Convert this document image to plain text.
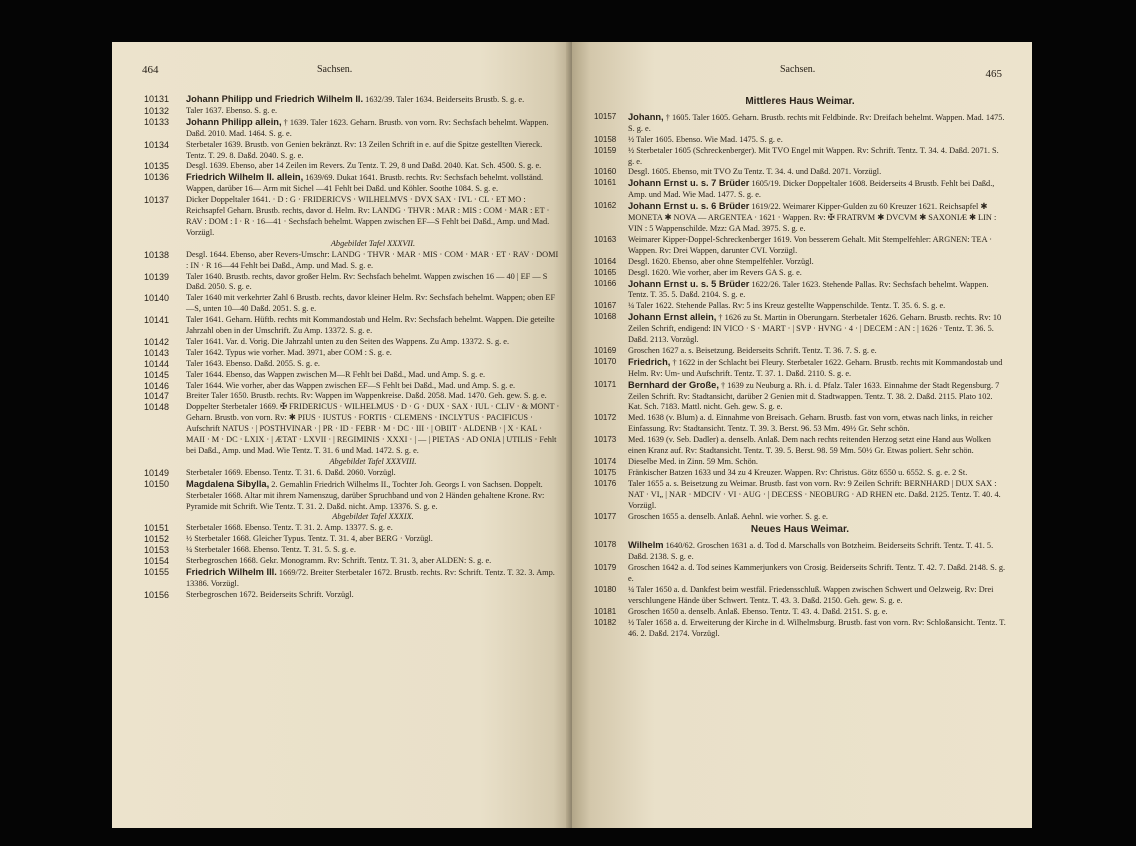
464	Sachsen.
10131	Johann Philipp und Friedrich Wilhelm II. 1632/39. Taler 1634. Beiderseits Brustb. S. g. e.
10132	Taler 1637. Ebenso. S. g. e.
10133	Johann Philipp allein, † 1639. Taler 1623. Geharn. Brustb. von vorn. Rv: Sechsfach behelmt. Wappen. Daßd. 2010. Mad. 1464. S. g. e.
10134	Sterbetaler 1639. Brustb. von Genien bekränzt. Rv: 13 Zeilen Schrift in e. auf die Spitze gestellten Viereck. Tentz. T. 29. 8. Daßd. 2040. S. g. e.
10135	Desgl. 1639. Ebenso, aber 14 Zeilen im Revers. Zu Tentz. T. 29, 8 und Daßd. 2040. Kat. Sch. 4500. S. g. e.
10136	Friedrich Wilhelm II. allein, 1639/69. Dukat 1641. Brustb. rechts. Rv: Sechsfach behelmt. vollständ. Wappen, darüber 16— Arm mit Sichel —41 Fehlt bei Daßd. und Köhler. Soothe 1084. S. g. e.
10137	Dicker Doppeltaler 1641. · D : G · FRIDERICVS · WILHELMVS · DVX SAX · IVL · CL · ET MO : Reichsapfel Geharn. Brustb. rechts, davor d. Helm. Rv: LANDG · THVR : MAR : MIS : COM · MAR : ET · RAV : DOM : I · R · 16—41 · Sechsfach behelmt. Wappen zwischen EF—S Fehlt bei Daßd., Amp. und Mad. Vorzügl.
Abgebildet Tafel XXXVII.
10138	Desgl. 1644. Ebenso, aber Revers-Umschr: LANDG · THVR · MAR · MIS · COM · MAR · ET · RAV · DOMI : IN · R 16—44 Fehlt bei Daßd., Amp. und Mad. S. g. e.
10139	Taler 1640. Brustb. rechts, davor großer Helm. Rv: Sechsfach behelmt. Wappen zwischen 16 — 40 | EF — S Daßd. 2050. S. g. e.
10140	Taler 1640 mit verkehrter Zahl 6 Brustb. rechts, davor kleiner Helm. Rv: Sechsfach behelmt. Wappen; oben EF—S, unten 10—40 Daßd. 2051. S. g. e.
10141	Taler 1641. Geharn. Hüftb. rechts mit Kommandostab und Helm. Rv: Sechsfach behelmt. Wappen. Die geteilte Jahrzahl oben in der Umschrift. Zu Amp. 13372. S. g. e.
10142	Taler 1641. Var. d. Vorig. Die Jahrzahl unten zu den Seiten des Wappens. Zu Amp. 13372. S. g. e.
10143	Taler 1642. Typus wie vorher. Mad. 3971, aber COM : S. g. e.
10144	Taler 1643. Ebenso. Daßd. 2055. S. g. e.
10145	Taler 1644. Ebenso, das Wappen zwischen M—R Fehlt bei Daßd., Mad. und Amp. S. g. e.
10146	Taler 1644. Wie vorher, aber das Wappen zwischen EF—S Fehlt bei Daßd., Mad. und Amp. S. g. e.
10147	Breiter Taler 1650. Brustb. rechts. Rv: Wappen im Wappenkreise. Daßd. 2058. Mad. 1470. Geh. gew. S. g. e.
10148	Doppelter Sterbetaler 1669. ✠ FRIDERICUS · WILHELMUS · D · G · DUX · SAX · IUL · CLIV · & MONT · Geharn. Brustb. von vorn. Rv: ✱ PIUS · IUSTUS · FORTIS · CLEMENS · INCLYTUS · PACIFICUS · Aufschrift NATUS · | POSTHVINAR · | PR · ID · FEBR · M · DC · III · | OBIIT · ALDENB · | X · KAL · MAII · M · DC · LXIX · | ÆTAT · LXVII · | REGIMINIS · XXXI · | — | PIETAS · AD ONIA | UTILIS · Fehlt bei Daßd., Amp. und Mad. Wie Tentz. T. 31. 6 und Mad. 1472. S. g. e.
Abgebildet Tafel XXXVIII.
10149	Sterbetaler 1669. Ebenso. Tentz. T. 31. 6. Daßd. 2060. Vorzügl.
10150	Magdalena Sibylla, 2. Gemahlin Friedrich Wilhelms II., Tochter Joh. Georgs I. von Sachsen. Doppelt. Sterbetaler 1668. Altar mit ihrem Namenszug, darüber Spruchband und von 2 Händen gehaltene Krone. Rv: Pyramide mit Schrift. Wie Tentz. T. 31. 2. Daßd. nicht. Amp. 13376. S. g. e.
Abgebildet Tafel XXXIX.
10151	Sterbetaler 1668. Ebenso. Tentz. T. 31. 2. Amp. 13377. S. g. e.
10152	½ Sterbetaler 1668. Gleicher Typus. Tentz. T. 31. 4, aber BERG · Vorzügl.
10153	¼ Sterbetaler 1668. Ebenso. Tentz. T. 31. 5. S. g. e.
10154	Sterbegroschen 1668. Gekr. Monogramm. Rv: Schrift. Tentz. T. 31. 3, aber ALDEN: S. g. e.
10155	Friedrich Wilhelm III. 1669/72. Breiter Sterbetaler 1672. Brustb. rechts. Rv: Schrift. Tentz. T. 32. 3. Amp. 13386. Vorzügl.
10156	Sterbegroschen 1672. Beiderseits Schrift. Vorzügl.
Sachsen.	465
Mittleres Haus Weimar.
10157	Johann, † 1605. Taler 1605. Geharn. Brustb. rechts mit Feldbinde. Rv: Dreifach behelmt. Wappen. Mad. 1475. S. g. e.
10158	½ Taler 1605. Ebenso. Wie Mad. 1475. S. g. e.
10159	½ Sterbetaler 1605 (Schreckenberger). Mit TVO Engel mit Wappen. Rv: Schrift. Tentz. T. 34. 4. Daßd. 2071. S. g. e.
10160	Desgl. 1605. Ebenso, mit TVO Zu Tentz. T. 34. 4. und Daßd. 2071. Vorzügl.
10161	Johann Ernst u. s. 7 Brüder 1605/19. Dicker Doppeltaler 1608. Beiderseits 4 Brustb. Fehlt bei Daßd., Amp. und Mad. Wie Mad. 1477. S. g. e.
10162	Johann Ernst u. s. 6 Brüder 1619/22. Weimarer Kipper-Gulden zu 60 Kreuzer 1621. Reichsapfel ✱ MONETA ✱ NOVA — ARGENTEA · 1621 · Wappen. Rv: ✠ FRATRVM ✱ DVCVM ✱ SAXONIÆ ✱ LIN : VIN : 5 Wappenschilde. Mzz: GA Mad. 3975. S. g. e.
10163	Weimarer Kipper-Doppel-Schreckenberger 1619. Von besserem Gehalt. Mit Stempelfehler: ARGNEN: TEA · Wappen. Rv: Drei Wappen, darunter CVI. Vorzügl.
10164	Desgl. 1620. Ebenso, aber ohne Stempelfehler. Vorzügl.
10165	Desgl. 1620. Wie vorher, aber im Revers GA S. g. e.
10166	Johann Ernst u. s. 5 Brüder 1622/26. Taler 1623. Stehende Pallas. Rv: Sechsfach behelmt. Wappen. Tentz. T. 35. 5. Daßd. 2104. S. g. e.
10167	¼ Taler 1622. Stehende Pallas. Rv: 5 ins Kreuz gestellte Wappenschilde. Tentz. T. 35. 6. S. g. e.
10168	Johann Ernst allein, † 1626 zu St. Martin in Oberungarn. Sterbetaler 1626. Geharn. Brustb. rechts. Rv: 10 Zeilen Schrift, endigend: IN VICO · S · MART · | SVP · HVNG · 4 · | DECEM : AN : | 1626 · Tentz. T. 36. 5. Daßd. 2113. Vorzügl.
10169	Groschen 1627 a. s. Beisetzung. Beiderseits Schrift. Tentz. T. 36. 7. S. g. e.
10170	Friedrich, † 1622 in der Schlacht bei Fleury. Sterbetaler 1622. Geharn. Brustb. rechts mit Kommandostab und Helm. Rv: Um- und Aufschrift. Tentz. T. 37. 1. Daßd. 2110. S. g. e.
10171	Bernhard der Große, † 1639 zu Neuburg a. Rh. i. d. Pfalz. Taler 1633. Einnahme der Stadt Regensburg. 7 Zeilen Schrift. Rv: Stadtansicht, darüber 2 Genien mit d. Stadtwappen. Tentz. T. 38. 2. Daßd. 2115. Plato 102. Kat. Sch. 7183. Mattl. nicht. Geh. gew. S. g. e.
10172	Med. 1638 (v. Blum) a. d. Einnahme von Breisach. Geharn. Brustb. fast von vorn, etwas nach links, in reicher Einfassung. Rv: Stadtansicht. Tentz. T. 39. 3. Berst. 96. 53 Mm. 49½ Gr. Sehr schön.
10173	Med. 1639 (v. Seb. Dadler) a. denselb. Anlaß. Dem nach rechts reitenden Herzog setzt eine Hand aus Wolken einen Kranz auf. Rv: Stadtansicht. Tentz. T. 39. 5. Berst. 98. 59 Mm. 50½ Gr. Etwas poliert. Sehr schön.
10174	Dieselbe Med. in Zinn. 59 Mm. Schön.
10175	Fränkischer Batzen 1633 und 34 zu 4 Kreuzer. Wappen. Rv: Christus. Götz 6550 u. 6552. S. g. e. 2 St.
10176	Taler 1655 a. s. Beisetzung zu Weimar. Brustb. fast von vorn. Rv: 9 Zeilen Schrift: BERNHARD | DUX SAX : NAT · VI„ | NAR · MDCIV · VI · AUG · | DECESS · NEOBURG · AD RHEN etc. Daßd. 2125. Tentz. T. 40. 4. Vorzügl.
10177	Groschen 1655 a. denselb. Anlaß. Aehnl. wie vorher. S. g. e.
Neues Haus Weimar.
10178	Wilhelm 1640/62. Groschen 1631 a. d. Tod d. Marschalls von Botzheim. Beiderseits Schrift. Tentz. T. 41. 5. Daßd. 2138. S. g. e.
10179	Groschen 1642 a. d. Tod seines Kammerjunkers von Crosig. Beiderseits Schrift. Tentz. T. 42. 7. Daßd. 2148. S. g. e.
10180	¼ Taler 1650 a. d. Dankfest beim westfäl. Friedensschluß. Wappen zwischen Schwert und Oelzweig. Rv: Drei verschlungene Hände über Schwert. Tentz. T. 43. 3. Daßd. 2150. Geh. gew. S. g. e.
10181	Groschen 1650 a. denselb. Anlaß. Ebenso. Tentz. T. 43. 4. Daßd. 2151. S. g. e.
10182	½ Taler 1658 a. d. Erweiterung der Kirche in d. Wilhelmsburg. Brustb. fast von vorn. Rv: Schloßansicht. Tentz. T. 46. 2. Daßd. 2174. Vorzügl.
